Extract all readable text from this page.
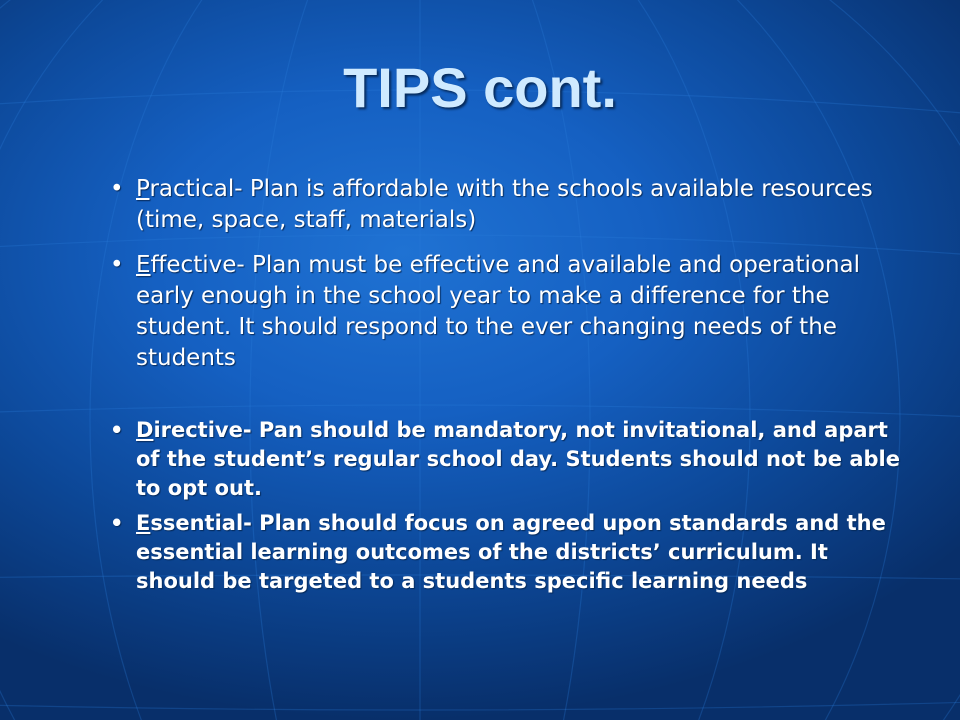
TIPS cont.
• Practical- Plan is affordable with the schools available resources (time, space, staff, materials)
• Effective- Plan must be effective and available and operational early enough in the school year to make a difference for the student. It should respond to the ever changing needs of the students
• Directive- Pan should be mandatory, not invitational, and apart of the student’s regular school day. Students should not be able to opt out.
• Essential- Plan should focus on agreed upon standards and the essential learning outcomes of the districts’ curriculum. It should be targeted to a students specific learning needs
